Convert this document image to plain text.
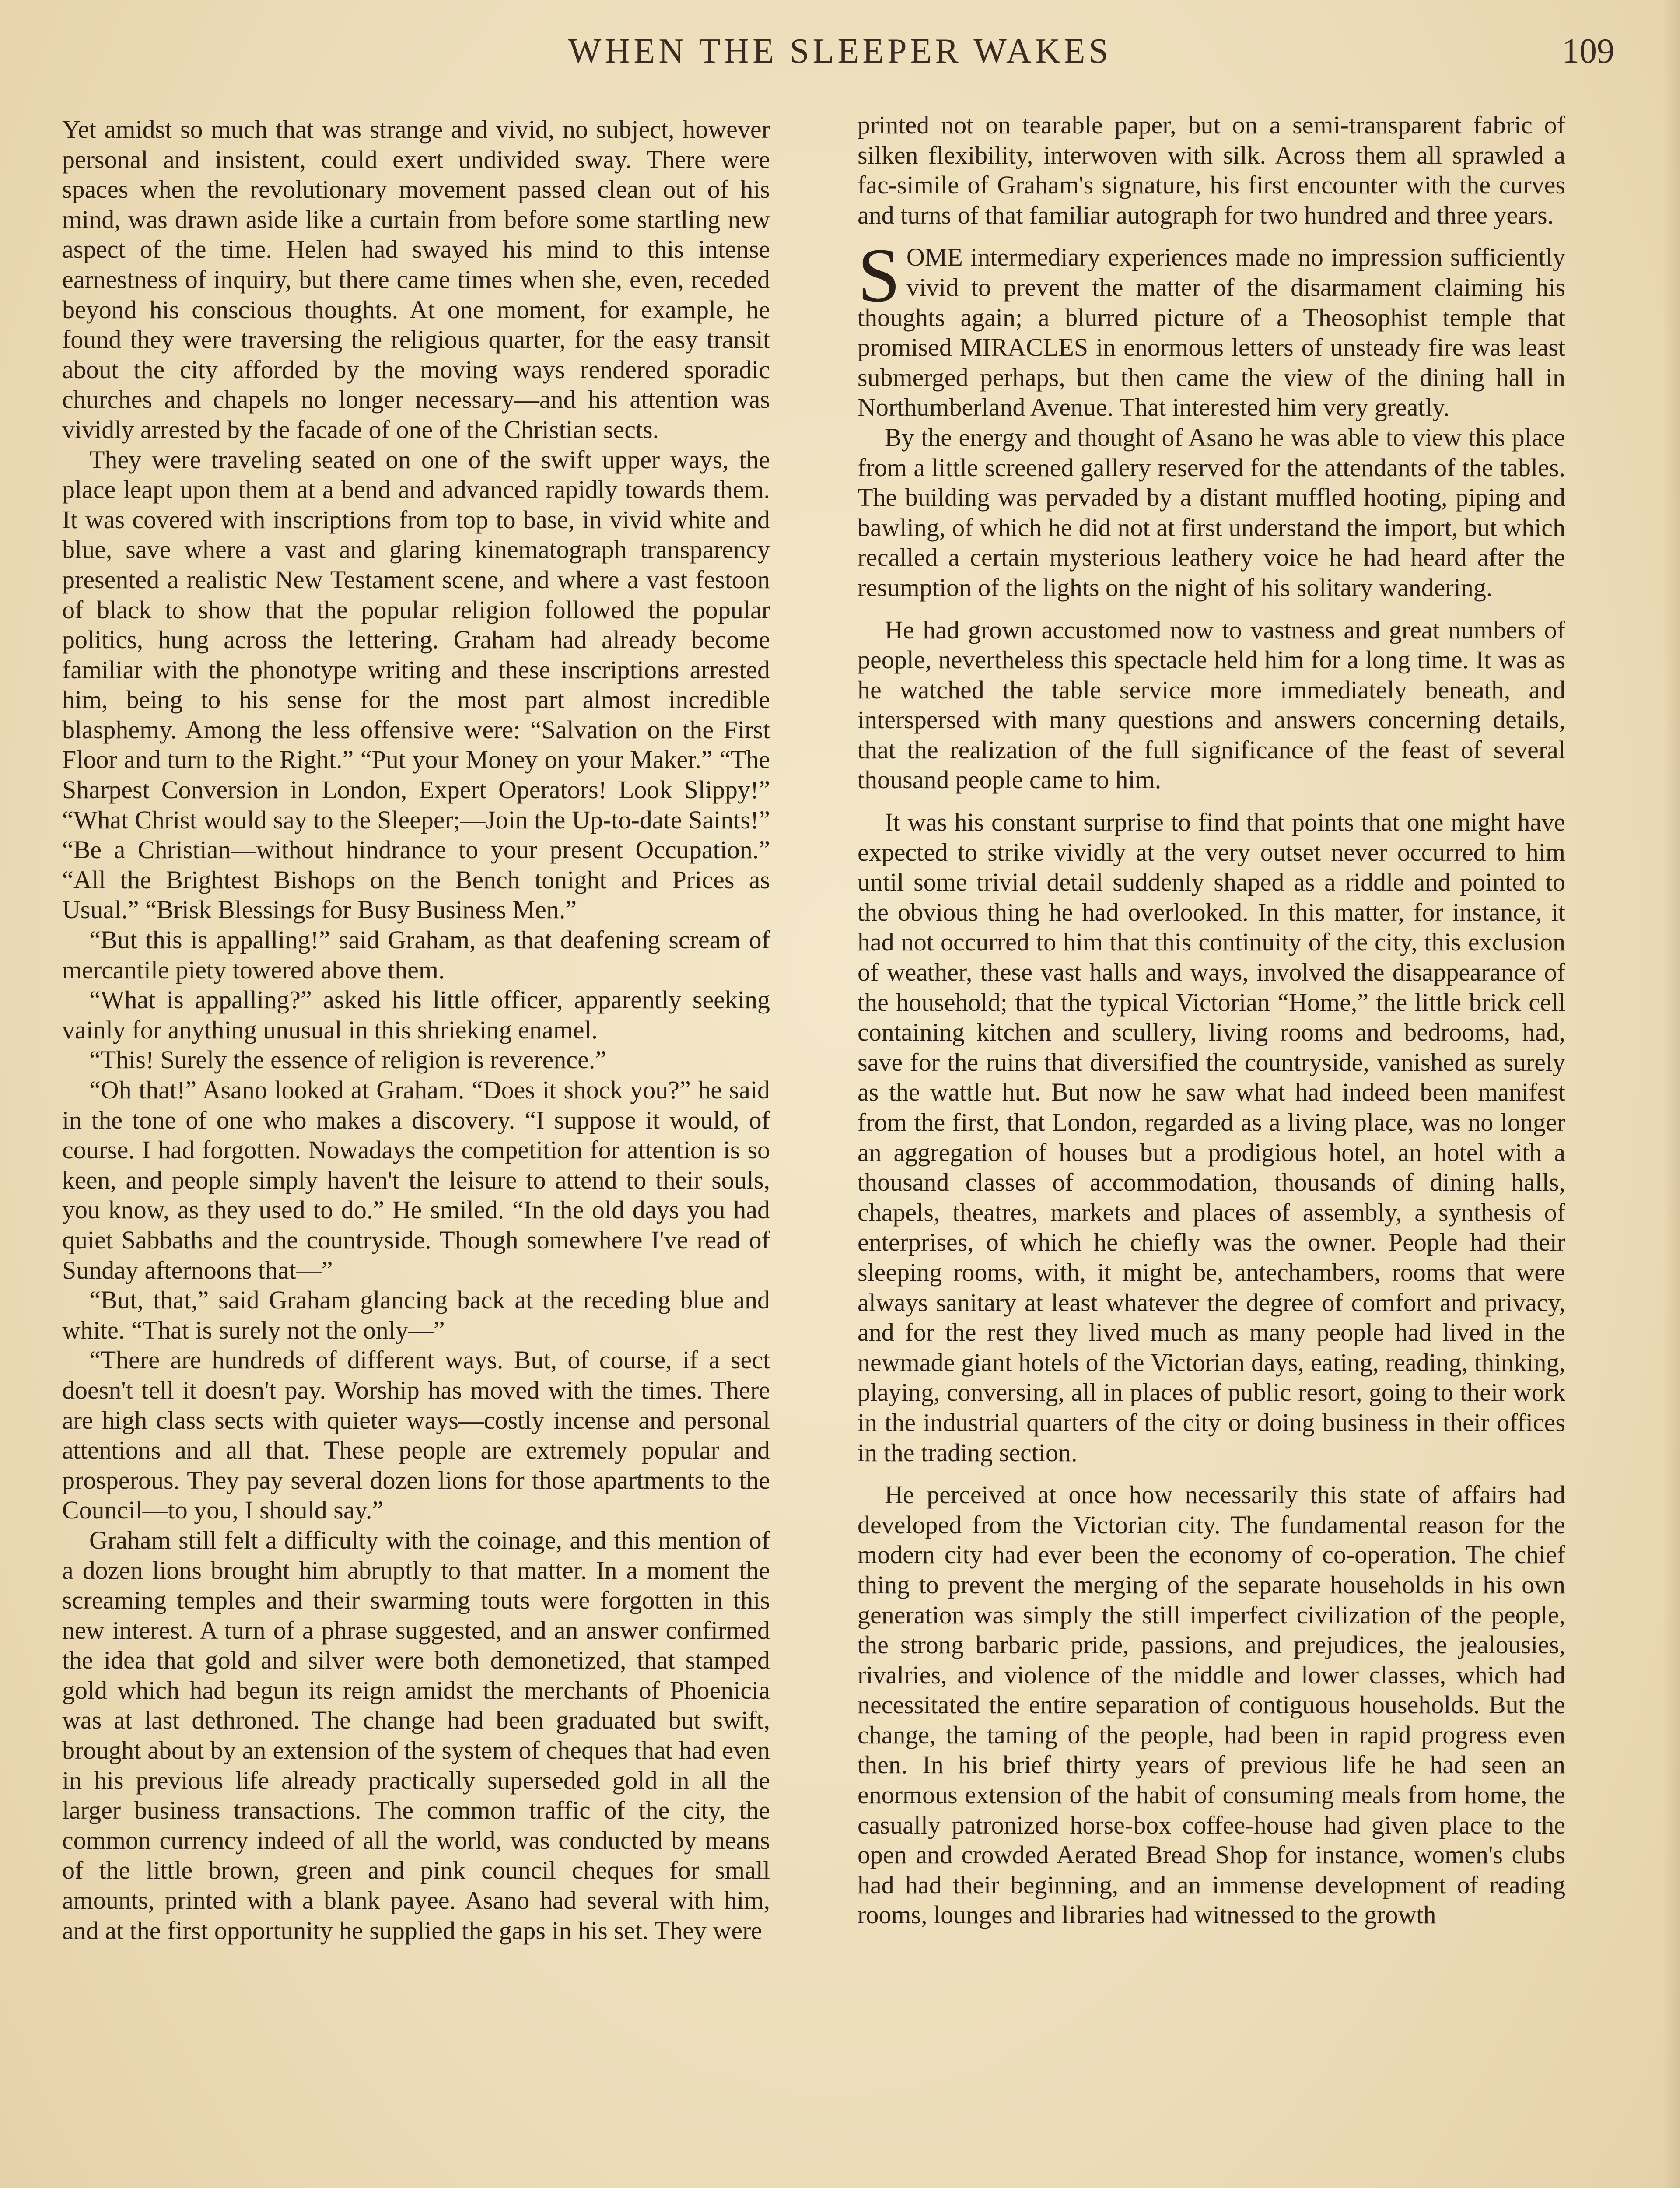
WHEN THE SLEEPER WAKES	109

Yet amidst so much that was strange and vivid, no subject, however personal and insistent, could exert undivided sway. There were spaces when the revolutionary movement passed clean out of his mind, was drawn aside like a curtain from before some startling new aspect of the time. Helen had swayed his mind to this intense earnestness of inquiry, but there came times when she, even, receded beyond his conscious thoughts. At one moment, for example, he found they were traversing the religious quarter, for the easy transit about the city afforded by the moving ways rendered sporadic churches and chapels no longer necessary—and his attention was vividly arrested by the facade of one of the Christian sects.

They were traveling seated on one of the swift upper ways, the place leapt upon them at a bend and advanced rapidly towards them. It was covered with inscriptions from top to base, in vivid white and blue, save where a vast and glaring kinematograph transparency presented a realistic New Testament scene, and where a vast festoon of black to show that the popular religion followed the popular politics, hung across the lettering. Graham had already become familiar with the phonotype writing and these inscriptions arrested him, being to his sense for the most part almost incredible blasphemy. Among the less offensive were: “Salvation on the First Floor and turn to the Right.” “Put your Money on your Maker.” “The Sharpest Conversion in London, Expert Operators! Look Slippy!” “What Christ would say to the Sleeper;—Join the Up-to-date Saints!” “Be a Christian—without hindrance to your present Occupation.” “All the Brightest Bishops on the Bench tonight and Prices as Usual.” “Brisk Blessings for Busy Business Men.”

“But this is appalling!” said Graham, as that deafening scream of mercantile piety towered above them.

“What is appalling?” asked his little officer, apparently seeking vainly for anything unusual in this shrieking enamel.

“This! Surely the essence of religion is reverence.”

“Oh that!” Asano looked at Graham. “Does it shock you?” he said in the tone of one who makes a discovery. “I suppose it would, of course. I had forgotten. Nowadays the competition for attention is so keen, and people simply haven't the leisure to attend to their souls, you know, as they used to do.” He smiled. “In the old days you had quiet Sabbaths and the countryside. Though somewhere I've read of Sunday afternoons that—”

“But, that,” said Graham glancing back at the receding blue and white. “That is surely not the only—”

“There are hundreds of different ways. But, of course, if a sect doesn't tell it doesn't pay. Worship has moved with the times. There are high class sects with quieter ways—costly incense and personal attentions and all that. These people are extremely popular and prosperous. They pay several dozen lions for those apartments to the Council—to you, I should say.”

Graham still felt a difficulty with the coinage, and this mention of a dozen lions brought him abruptly to that matter. In a moment the screaming temples and their swarming touts were forgotten in this new interest. A turn of a phrase suggested, and an answer confirmed the idea that gold and silver were both demonetized, that stamped gold which had begun its reign amidst the merchants of Phoenicia was at last dethroned. The change had been graduated but swift, brought about by an extension of the system of cheques that had even in his previous life already practically superseded gold in all the larger business transactions. The common traffic of the city, the common currency indeed of all the world, was conducted by means of the little brown, green and pink council cheques for small amounts, printed with a blank payee. Asano had several with him, and at the first opportunity he supplied the gaps in his set. They were

printed not on tearable paper, but on a semi-transparent fabric of silken flexibility, interwoven with silk. Across them all sprawled a fac-simile of Graham's signature, his first encounter with the curves and turns of that familiar autograph for two hundred and three years.

SOME intermediary experiences made no impression sufficiently vivid to prevent the matter of the disarmament claiming his thoughts again; a blurred picture of a Theosophist temple that promised MIRACLES in enormous letters of unsteady fire was least submerged perhaps, but then came the view of the dining hall in Northumberland Avenue. That interested him very greatly.

By the energy and thought of Asano he was able to view this place from a little screened gallery reserved for the attendants of the tables. The building was pervaded by a distant muffled hooting, piping and bawling, of which he did not at first understand the import, but which recalled a certain mysterious leathery voice he had heard after the resumption of the lights on the night of his solitary wandering.

He had grown accustomed now to vastness and great numbers of people, nevertheless this spectacle held him for a long time. It was as he watched the table service more immediately beneath, and interspersed with many questions and answers concerning details, that the realization of the full significance of the feast of several thousand people came to him.

It was his constant surprise to find that points that one might have expected to strike vividly at the very outset never occurred to him until some trivial detail suddenly shaped as a riddle and pointed to the obvious thing he had overlooked. In this matter, for instance, it had not occurred to him that this continuity of the city, this exclusion of weather, these vast halls and ways, involved the disappearance of the household; that the typical Victorian “Home,” the little brick cell containing kitchen and scullery, living rooms and bedrooms, had, save for the ruins that diversified the countryside, vanished as surely as the wattle hut. But now he saw what had indeed been manifest from the first, that London, regarded as a living place, was no longer an aggregation of houses but a prodigious hotel, an hotel with a thousand classes of accommodation, thousands of dining halls, chapels, theatres, markets and places of assembly, a synthesis of enterprises, of which he chiefly was the owner. People had their sleeping rooms, with, it might be, antechambers, rooms that were always sanitary at least whatever the degree of comfort and privacy, and for the rest they lived much as many people had lived in the newmade giant hotels of the Victorian days, eating, reading, thinking, playing, conversing, all in places of public resort, going to their work in the industrial quarters of the city or doing business in their offices in the trading section.

He perceived at once how necessarily this state of affairs had developed from the Victorian city. The fundamental reason for the modern city had ever been the economy of co-operation. The chief thing to prevent the merging of the separate households in his own generation was simply the still imperfect civilization of the people, the strong barbaric pride, passions, and prejudices, the jealousies, rivalries, and violence of the middle and lower classes, which had necessitated the entire separation of contiguous households. But the change, the taming of the people, had been in rapid progress even then. In his brief thirty years of previous life he had seen an enormous extension of the habit of consuming meals from home, the casually patronized horse-box coffee-house had given place to the open and crowded Aerated Bread Shop for instance, women's clubs had had their beginning, and an immense development of reading rooms, lounges and libraries had witnessed to the growth
